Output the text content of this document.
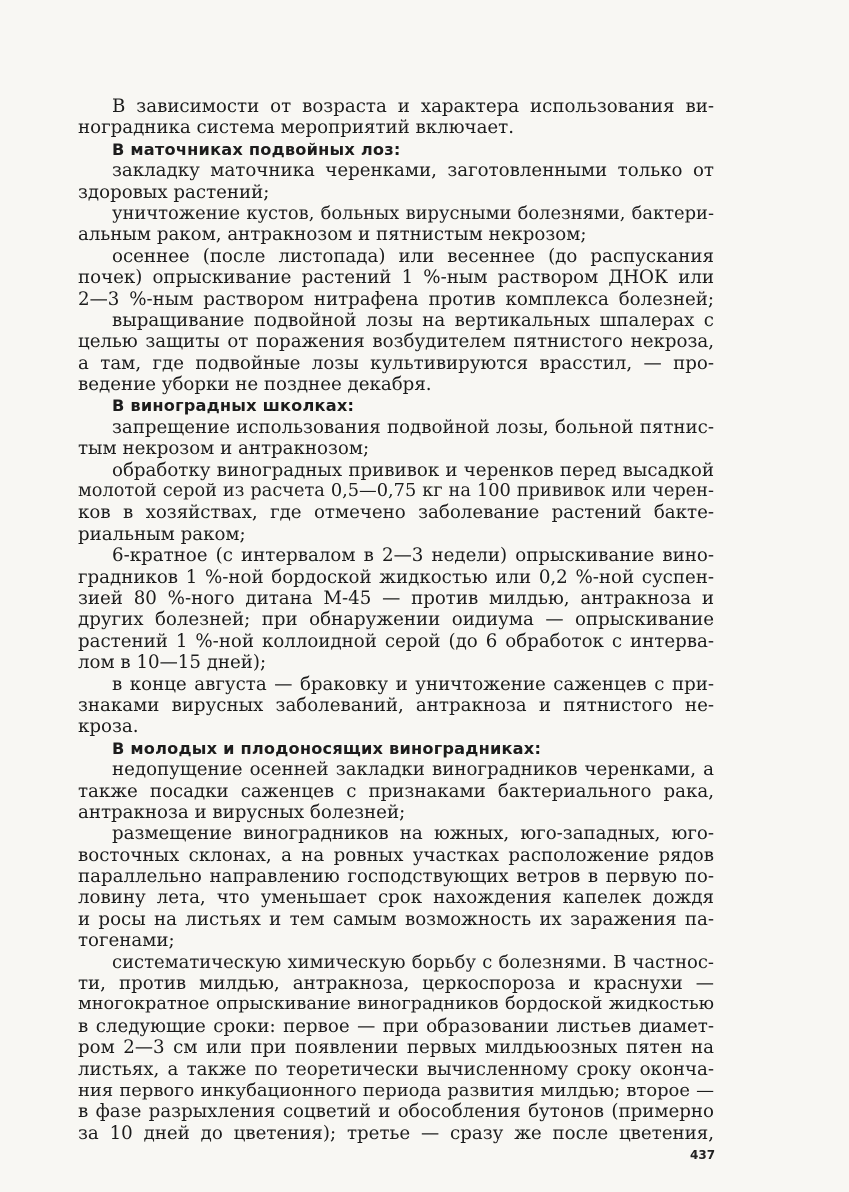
В зависимости от возраста и характера использования ви-
ноградника система мероприятий включает.
В маточниках подвойных лоз:
закладку маточника черенками, заготовленными только от
здоровых растений;
уничтожение кустов, больных вирусными болезнями, бактери-
альным раком, антракнозом и пятнистым некрозом;
осеннее (после листопада) или весеннее (до распускания
почек) опрыскивание растений 1 %-ным раствором ДНОК или
2—3 %-ным раствором нитрафена против комплекса болезней;
выращивание подвойной лозы на вертикальных шпалерах с
целью защиты от поражения возбудителем пятнистого некроза,
а там, где подвойные лозы культивируются врасстил, — про-
ведение уборки не позднее декабря.
В виноградных школках:
запрещение использования подвойной лозы, больной пятнис-
тым некрозом и антракнозом;
обработку виноградных прививок и черенков перед высадкой
молотой серой из расчета 0,5—0,75 кг на 100 прививок или черен-
ков в хозяйствах, где отмечено заболевание растений бакте-
риальным раком;
6-кратное (с интервалом в 2—3 недели) опрыскивание вино-
градников 1 %-ной бордоской жидкостью или 0,2 %-ной суспен-
зией 80 %-ного дитана М-45 — против милдью, антракноза и
других болезней; при обнаружении оидиума — опрыскивание
растений 1 %-ной коллоидной серой (до 6 обработок с интерва-
лом в 10—15 дней);
в конце августа — браковку и уничтожение саженцев с при-
знаками вирусных заболеваний, антракноза и пятнистого не-
кроза.
В молодых и плодоносящих виноградниках:
недопущение осенней закладки виноградников черенками, а
также посадки саженцев с признаками бактериального рака,
антракноза и вирусных болезней;
размещение виноградников на южных, юго-западных, юго-
восточных склонах, а на ровных участках расположение рядов
параллельно направлению господствующих ветров в первую по-
ловину лета, что уменьшает срок нахождения капелек дождя
и росы на листьях и тем самым возможность их заражения па-
тогенами;
систематическую химическую борьбу с болезнями. В частнос-
ти, против милдью, антракноза, церкоспороза и краснухи —
многократное опрыскивание виноградников бордоской жидкостью
в следующие сроки: первое — при образовании листьев диамет-
ром 2—3 см или при появлении первых милдьюозных пятен на
листьях, а также по теоретически вычисленному сроку оконча-
ния первого инкубационного периода развития милдью; второе —
в фазе разрыхления соцветий и обособления бутонов (примерно
за 10 дней до цветения); третье — сразу же после цветения,
437
